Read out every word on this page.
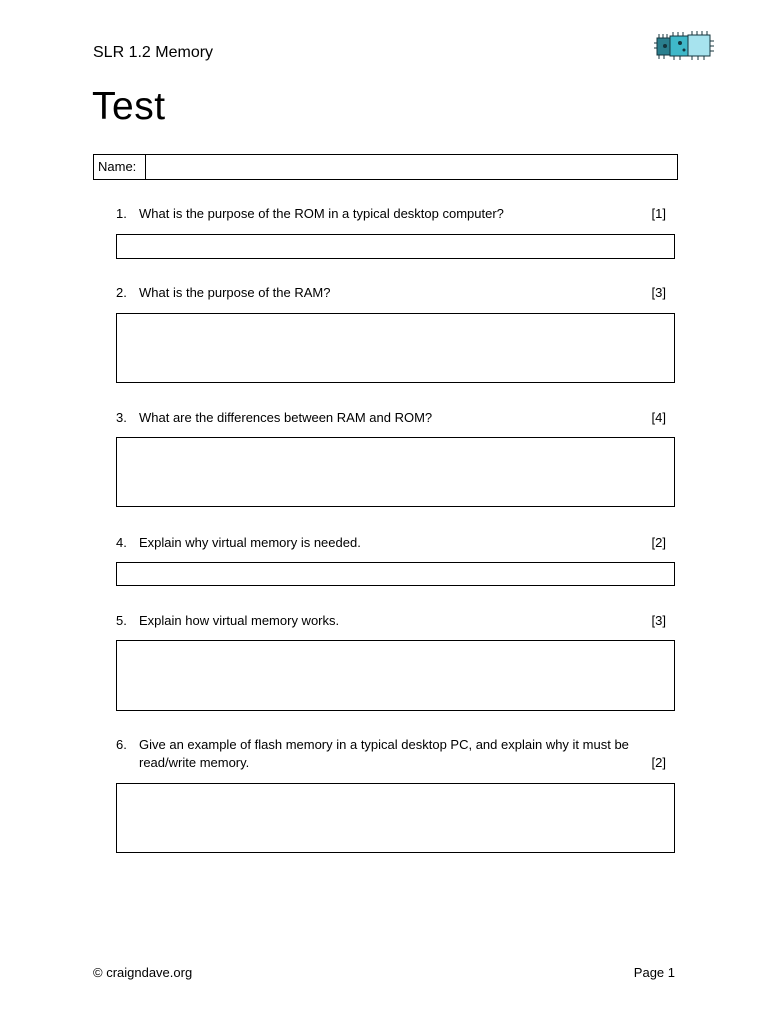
SLR 1.2 Memory
Test
Name:
1. What is the purpose of the ROM in a typical desktop computer?	[1]
2. What is the purpose of the RAM?	[3]
3. What are the differences between RAM and ROM?	[4]
4. Explain why virtual memory is needed.	[2]
5. Explain how virtual memory works.	[3]
6. Give an example of flash memory in a typical desktop PC, and explain why it must be read/write memory.	[2]
© craigndave.org	Page 1
